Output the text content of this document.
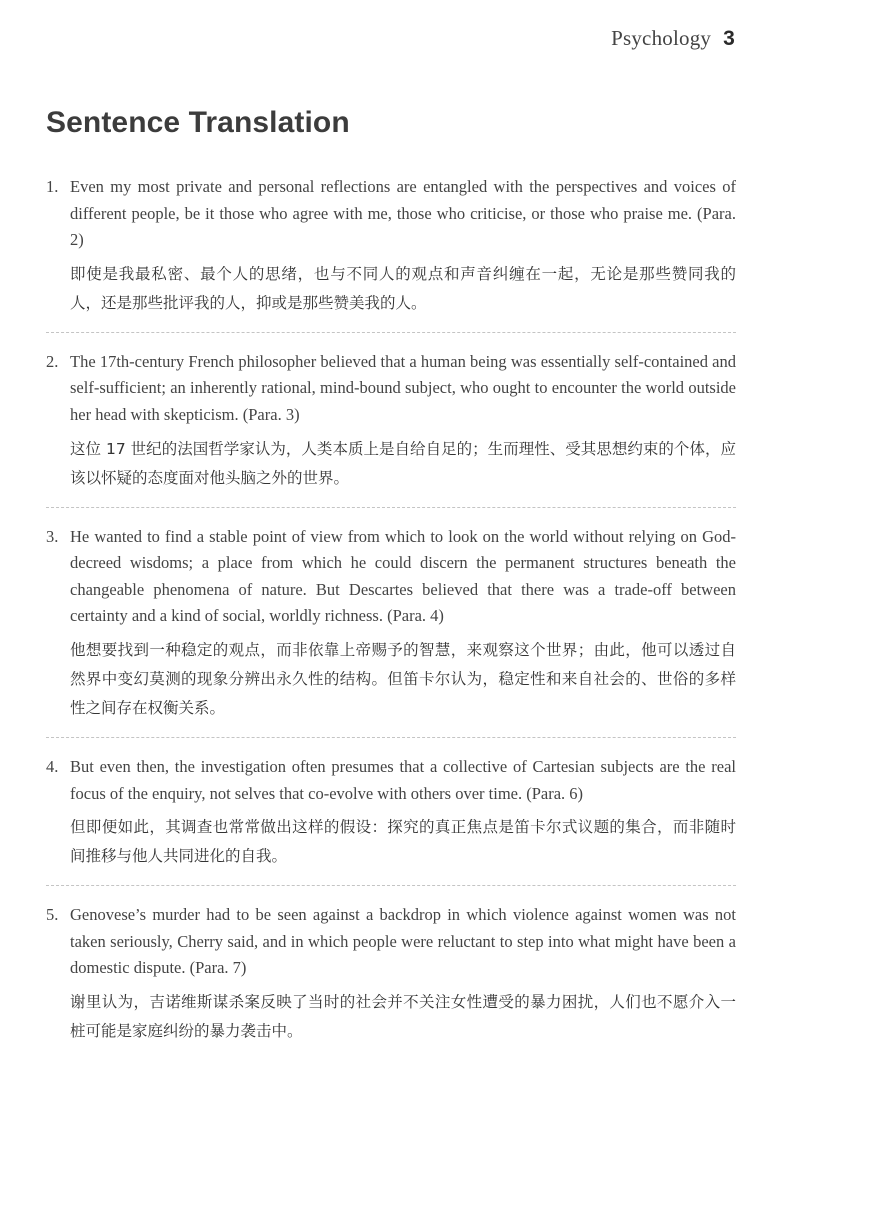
Psychology 3
Sentence Translation
1. Even my most private and personal reflections are entangled with the perspectives and voices of different people, be it those who agree with me, those who criticise, or those who praise me. (Para. 2)

即使是我最私密、最个人的思绪，也与不同人的观点和声音纠缠在一起，无论是那些赞同我的人，还是那些批评我的人，抑或是那些赞美我的人。

2. The 17th-century French philosopher believed that a human being was essentially self-contained and self-sufficient; an inherently rational, mind-bound subject, who ought to encounter the world outside her head with skepticism. (Para. 3)

这位 17 世纪的法国哲学家认为，人类本质上是自给自足的；生而理性、受其思想约束的个体，应该以怀疑的态度面对他头脑之外的世界。

3. He wanted to find a stable point of view from which to look on the world without relying on God-decreed wisdoms; a place from which he could discern the permanent structures beneath the changeable phenomena of nature. But Descartes believed that there was a trade-off between certainty and a kind of social, worldly richness. (Para. 4)

他想要找到一种稳定的观点，而非依靠上帝赐予的智慧，来观察这个世界；由此，他可以透过自然界中变幻莫测的现象分辨出永久性的结构。但笛卡尔认为，稳定性和来自社会的、世俗的多样性之间存在权衡关系。

4. But even then, the investigation often presumes that a collective of Cartesian subjects are the real focus of the enquiry, not selves that co-evolve with others over time. (Para. 6)

但即便如此，其调查也常常做出这样的假设：探究的真正焦点是笛卡尔式议题的集合，而非随时间推移与他人共同进化的自我。

5. Genovese’s murder had to be seen against a backdrop in which violence against women was not taken seriously, Cherry said, and in which people were reluctant to step into what might have been a domestic dispute. (Para. 7)

谢里认为，吉诺维斯谋杀案反映了当时的社会并不关注女性遭受的暴力困扰，人们也不愿介入一桩可能是家庭纠纷的暴力袭击中。
